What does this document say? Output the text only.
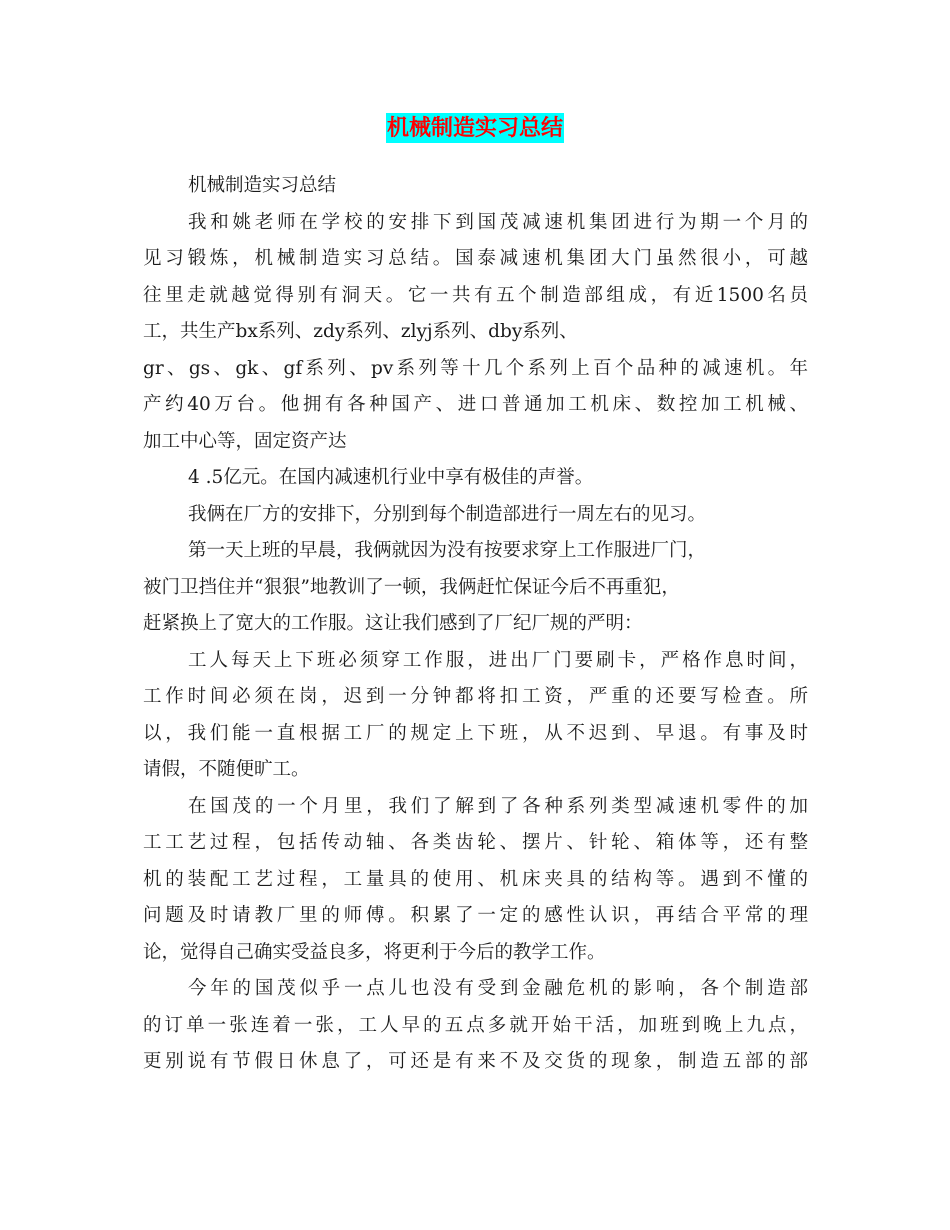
机械制造实习总结
机械制造实习总结
我和姚老师在学校的安排下到国茂减速机集团进行为期一个月的
见习锻炼，机械制造实习总结。国泰减速机集团大门虽然很小，可越
往里走就越觉得别有洞天。它一共有五个制造部组成，有近1500名员
工，共生产bx系列、zdy系列、zlyj系列、dby系列、
gr、gs、gk、gf系列、pv系列等十几个系列上百个品种的减速机。年
产约40万台。他拥有各种国产、进口普通加工机床、数控加工机械、
加工中心等，固定资产达
4 .5亿元。在国内减速机行业中享有极佳的声誉。
我俩在厂方的安排下，分别到每个制造部进行一周左右的见习。
第一天上班的早晨，我俩就因为没有按要求穿上工作服进厂门，
被门卫挡住并“狠狠”地教训了一顿，我俩赶忙保证今后不再重犯，
赶紧换上了宽大的工作服。这让我们感到了厂纪厂规的严明：
工人每天上下班必须穿工作服，进出厂门要刷卡，严格作息时间，
工作时间必须在岗，迟到一分钟都将扣工资，严重的还要写检查。所
以，我们能一直根据工厂的规定上下班，从不迟到、早退。有事及时
请假，不随便旷工。
在国茂的一个月里，我们了解到了各种系列类型减速机零件的加
工工艺过程，包括传动轴、各类齿轮、摆片、针轮、箱体等，还有整
机的装配工艺过程，工量具的使用、机床夹具的结构等。遇到不懂的
问题及时请教厂里的师傅。积累了一定的感性认识，再结合平常的理
论，觉得自己确实受益良多，将更利于今后的教学工作。
今年的国茂似乎一点儿也没有受到金融危机的影响，各个制造部
的订单一张连着一张，工人早的五点多就开始干活，加班到晚上九点，
更别说有节假日休息了，可还是有来不及交货的现象，制造五部的部
